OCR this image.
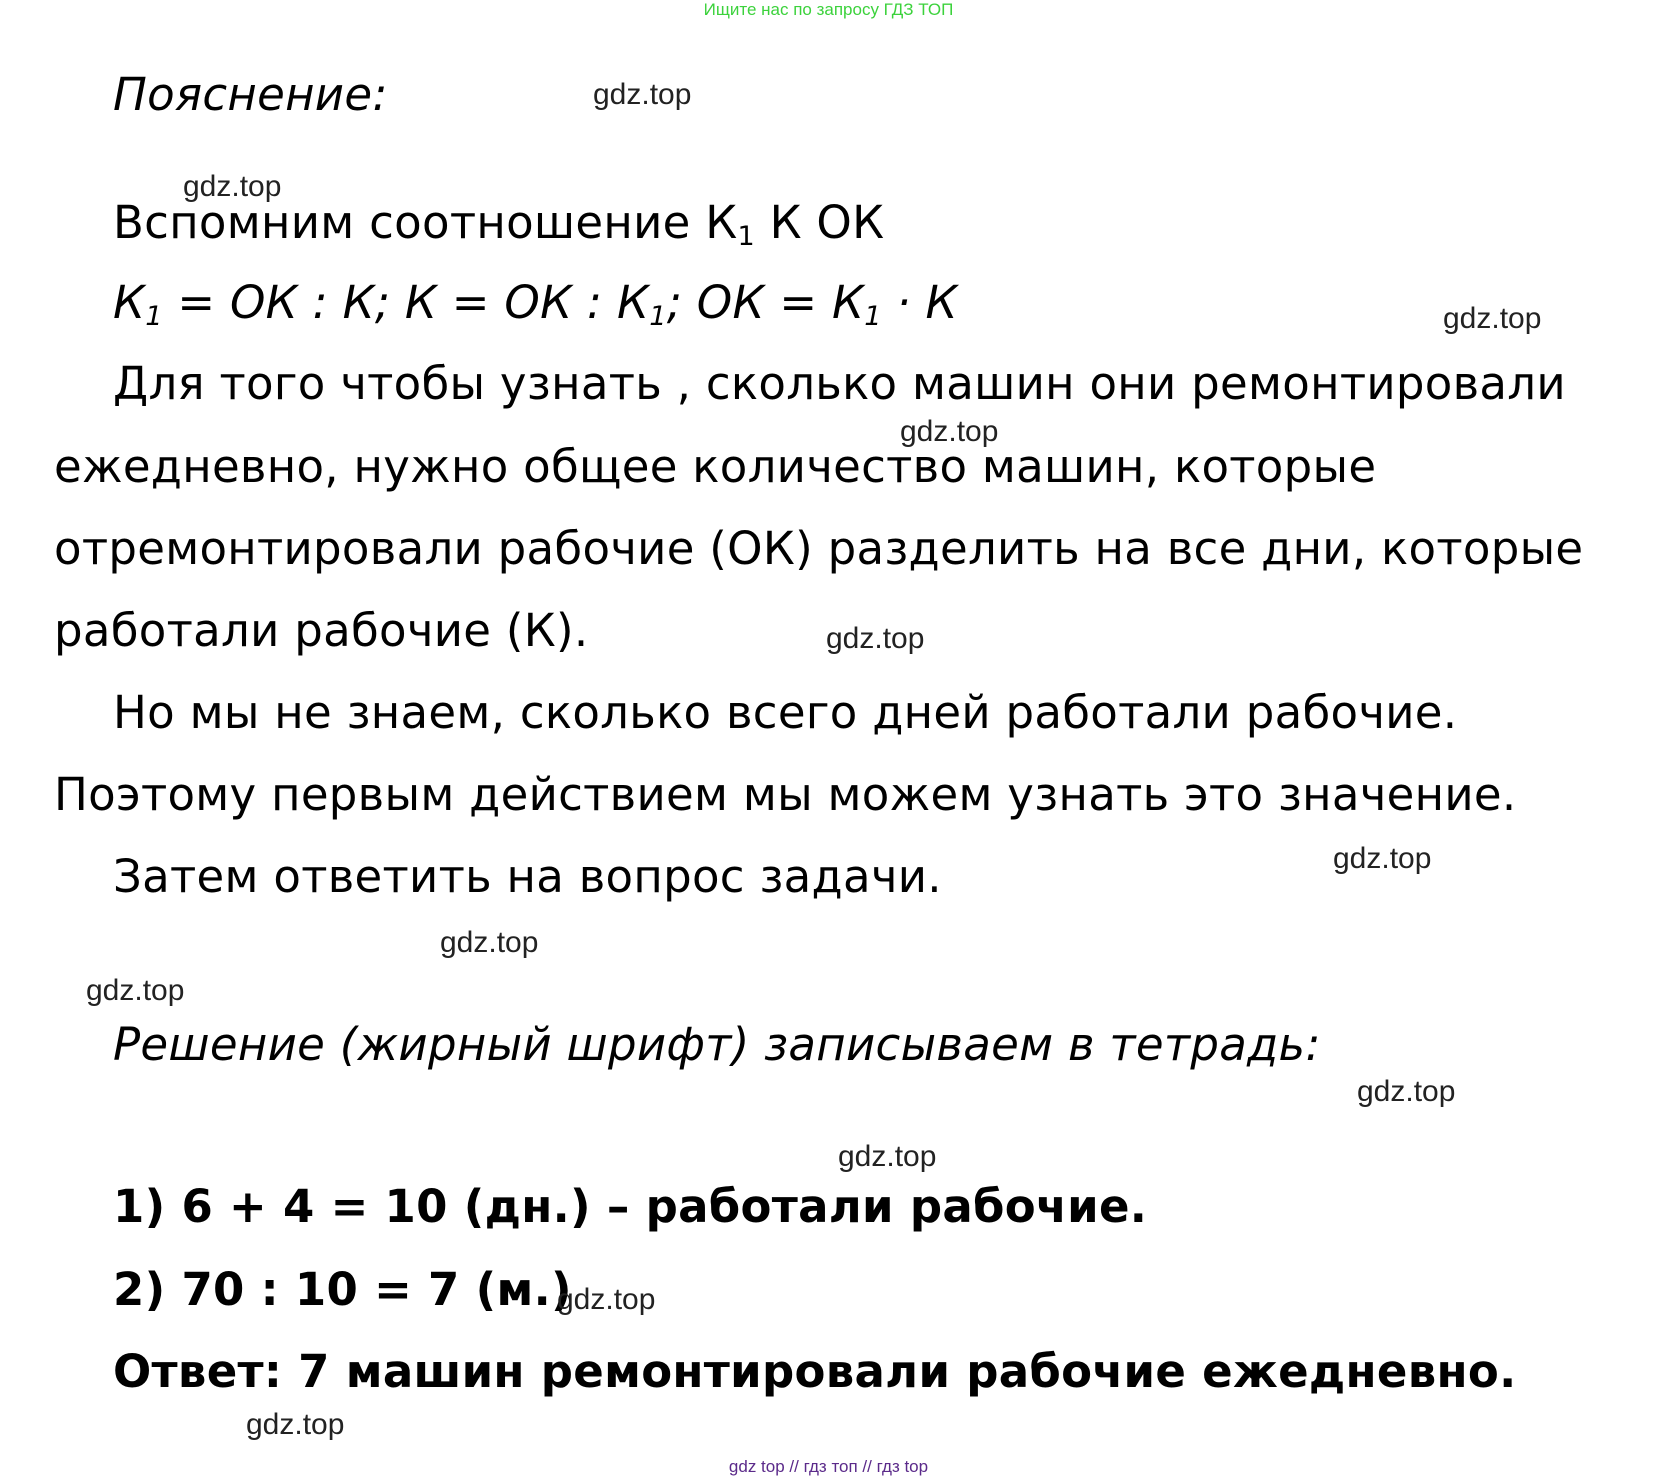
Ищите нас по запросу ГДЗ ТОП
Пояснение:
Вспомним соотношение $К_1$ К ОК
$К_1$ = ОК : К; К = ОК : $К_1$; ОК = $К_1 \cdot К$
Для того чтобы узнать , сколько машин они ремонтировали
ежедневно, нужно общее количество машин, которые
отремонтировали рабочие (ОК) разделить на все дни, которые
работали рабочие (К).
Но мы не знаем, сколько всего дней работали рабочие.
Поэтому первым действием мы можем узнать это значение.
Затем ответить на вопрос задачи.
Решение (жирный шрифт) записываем в тетрадь:
1) 6 + 4 = 10 (дн.) – работали рабочие.
2) 70 : 10 = 7 (м.)
Ответ: 7 машин ремонтировали рабочие ежедневно.
gdz.top
gdz.top
gdz.top
gdz.top
gdz.top
gdz.top
gdz.top
gdz.top
gdz.top
gdz.top
gdz.top
gdz.top
gdz top // гдз топ // гдз top
